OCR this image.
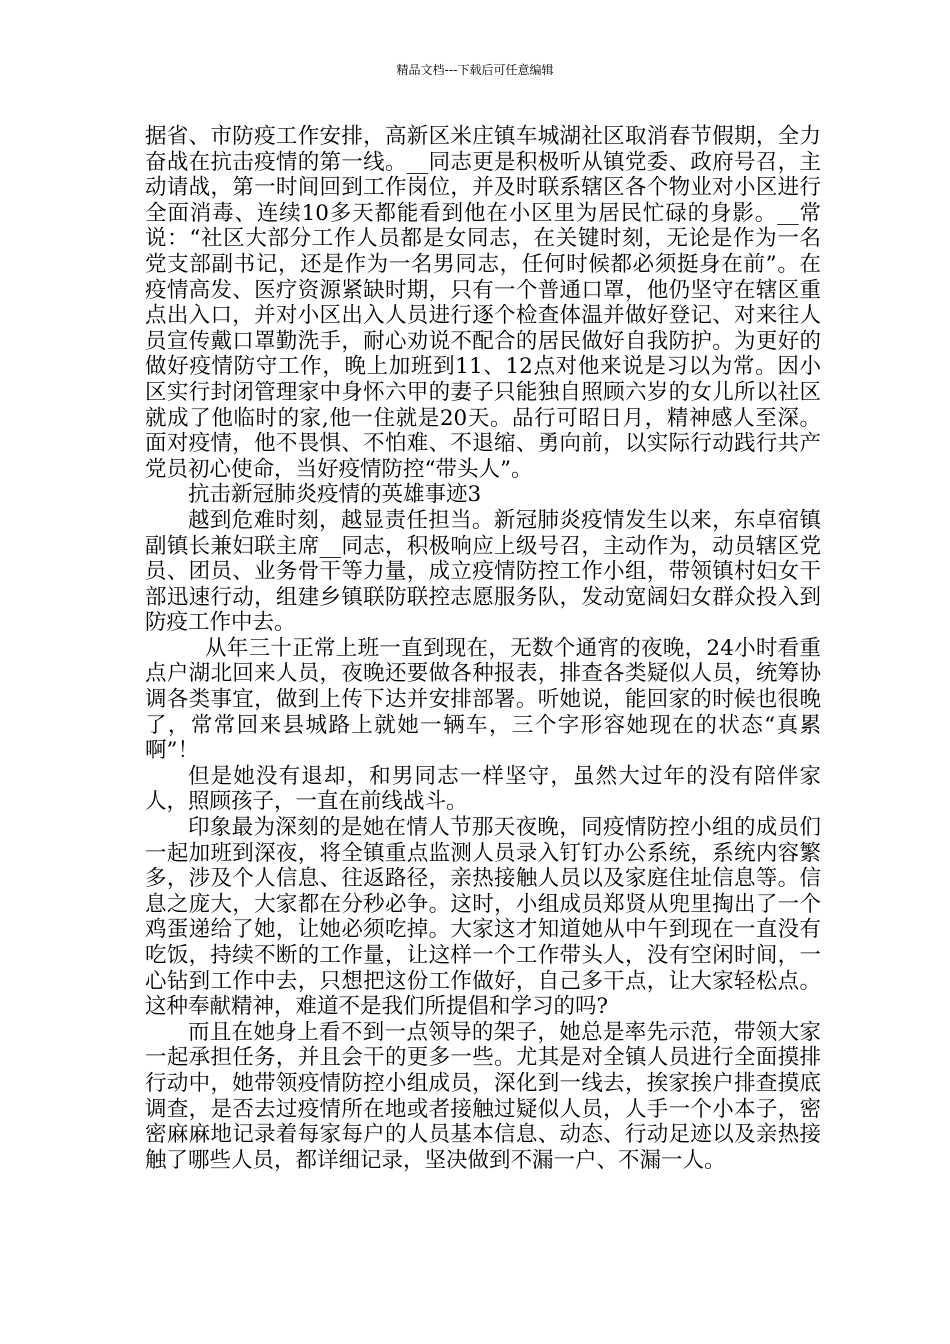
精品文档---下载后可任意编辑

据省、市防疫工作安排，高新区米庄镇车城湖社区取消春节假期，全力奋战在抗击疫情的第一线。__同志更是积极听从镇党委、政府号召，主动请战，第一时间回到工作岗位，并及时联系辖区各个物业对小区进行全面消毒、连续10多天都能看到他在小区里为居民忙碌的身影。__常说：“社区大部分工作人员都是女同志，在关键时刻，无论是作为一名党支部副书记，还是作为一名男同志，任何时候都必须挺身在前”。在疫情高发、医疗资源紧缺时期，只有一个普通口罩，他仍坚守在辖区重点出入口，并对小区出入人员进行逐个检查体温并做好登记、对来往人员宣传戴口罩勤洗手，耐心劝说不配合的居民做好自我防护。为更好的做好疫情防守工作，晚上加班到11、12点对他来说是习以为常。因小区实行封闭管理家中身怀六甲的妻子只能独自照顾六岁的女儿所以社区就成了他临时的家,他一住就是20天。品行可昭日月，精神感人至深。面对疫情，他不畏惧、不怕难、不退缩、勇向前，以实际行动践行共产党员初心使命，当好疫情防控“带头人”。

抗击新冠肺炎疫情的英雄事迹3

越到危难时刻，越显责任担当。新冠肺炎疫情发生以来，东卓宿镇副镇长兼妇联主席__同志，积极响应上级号召，主动作为，动员辖区党员、团员、业务骨干等力量，成立疫情防控工作小组，带领镇村妇女干部迅速行动，组建乡镇联防联控志愿服务队，发动宽阔妇女群众投入到防疫工作中去。

从年三十正常上班一直到现在，无数个通宵的夜晚，24小时看重点户湖北回来人员，夜晚还要做各种报表，排查各类疑似人员，统筹协调各类事宜，做到上传下达并安排部署。听她说，能回家的时候也很晚了，常常回来县城路上就她一辆车，三个字形容她现在的状态“真累啊”！

但是她没有退却，和男同志一样坚守，虽然大过年的没有陪伴家人，照顾孩子，一直在前线战斗。

印象最为深刻的是她在情人节那天夜晚，同疫情防控小组的成员们一起加班到深夜，将全镇重点监测人员录入钉钉办公系统，系统内容繁多，涉及个人信息、往返路径，亲热接触人员以及家庭住址信息等。信息之庞大，大家都在分秒必争。这时，小组成员郑贤从兜里掏出了一个鸡蛋递给了她，让她必须吃掉。大家这才知道她从中午到现在一直没有吃饭，持续不断的工作量，让这样一个工作带头人，没有空闲时间，一心钻到工作中去，只想把这份工作做好，自己多干点，让大家轻松点。这种奉献精神，难道不是我们所提倡和学习的吗?

而且在她身上看不到一点领导的架子，她总是率先示范，带领大家一起承担任务，并且会干的更多一些。尤其是对全镇人员进行全面摸排行动中，她带领疫情防控小组成员，深化到一线去，挨家挨户排查摸底调查，是否去过疫情所在地或者接触过疑似人员，人手一个小本子，密密麻麻地记录着每家每户的人员基本信息、动态、行动足迹以及亲热接触了哪些人员，都详细记录，坚决做到不漏一户、不漏一人。
